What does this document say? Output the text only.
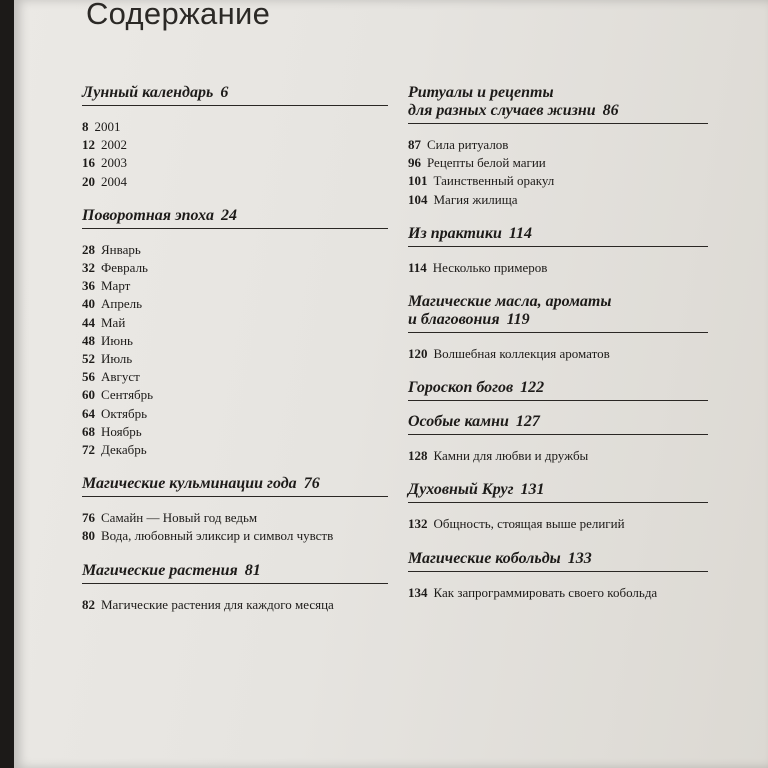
Содержание
Лунный календарь 6
8 2001
12 2002
16 2003
20 2004
Поворотная эпоха 24
28 Январь
32 Февраль
36 Март
40 Апрель
44 Май
48 Июнь
52 Июль
56 Август
60 Сентябрь
64 Октябрь
68 Ноябрь
72 Декабрь
Магические кульминации года 76
76 Самайн — Новый год ведьм
80 Вода, любовный эликсир и символ чувств
Магические растения 81
82 Магические растения для каждого месяца
Ритуалы и рецепты
для разных случаев жизни 86
87 Сила ритуалов
96 Рецепты белой магии
101 Таинственный оракул
104 Магия жилища
Из практики 114
114 Несколько примеров
Магические масла, ароматы
и благовония 119
120 Волшебная коллекция ароматов
Гороскоп богов 122
Особые камни 127
128 Камни для любви и дружбы
Духовный Круг 131
132 Общность, стоящая выше религий
Магические кобольды 133
134 Как запрограммировать своего кобольда
